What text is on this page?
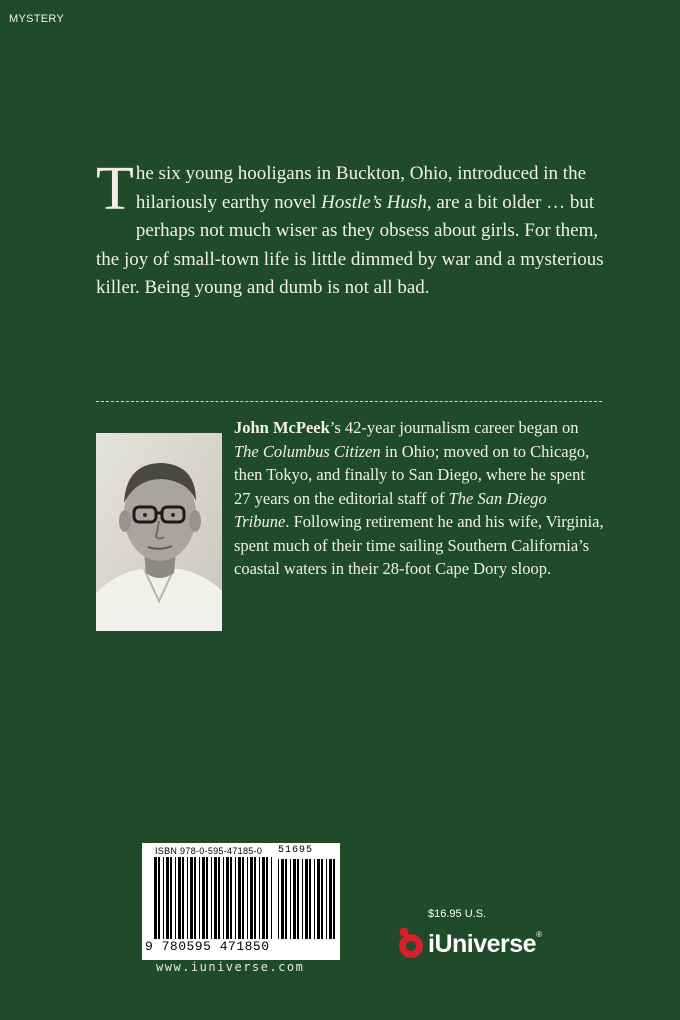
MYSTERY
The six young hooligans in Buckton, Ohio, introduced in the hilariously earthy novel Hostle’s Hush, are a bit older … but perhaps not much wiser as they obsess about girls. For them, the joy of small-town life is little dimmed by war and a mysterious killer. Being young and dumb is not all bad.
John McPeek’s 42-year journalism career began on The Columbus Citizen in Ohio; moved on to Chicago, then Tokyo, and finally to San Diego, where he spent 27 years on the editorial staff of The San Diego Tribune. Following retirement he and his wife, Virginia, spent much of their time sailing Southern California’s coastal waters in their 28-foot Cape Dory sloop.
ISBN 978-0-595-47185-0 51695
9 780595 471850
www.iuniverse.com
$16.95 U.S.
iUniverse®
